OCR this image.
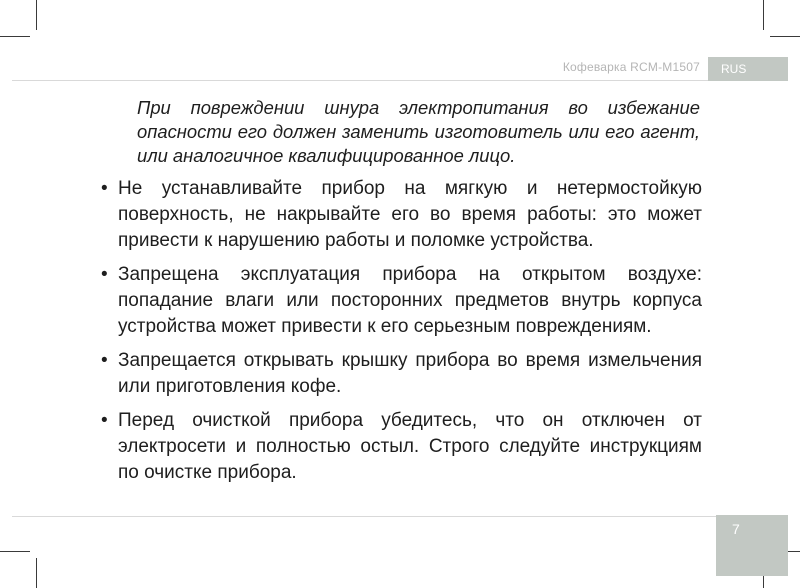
Кофеварка RCM-M1507	RUS

При повреждении шнура электропитания во избежание опасности его должен заменить изготовитель или его агент, или аналогичное квалифицированное лицо.

• Не устанавливайте прибор на мягкую и нетермостойкую поверхность, не накрывайте его во время работы: это может привести к нарушению работы и поломке устройства.
• Запрещена эксплуатация прибора на открытом воздухе: попадание влаги или посторонних предметов внутрь корпуса устройства может привести к его серьезным повреждениям.
• Запрещается открывать крышку прибора во время измельчения или приготовления кофе.
• Перед очисткой прибора убедитесь, что он отключен от электросети и полностью остыл. Строго следуйте инструкциям по очистке прибора.
7
